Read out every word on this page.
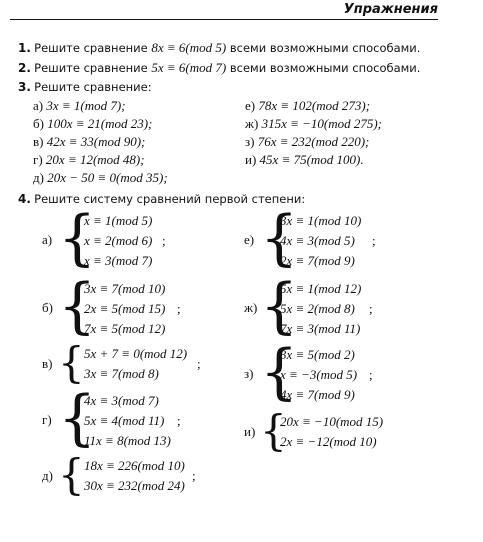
Упражнения
1. Решите сравнение 8x ≡ 6(mod 5) всеми возможными способами.
2. Решите сравнение 5x ≡ 6(mod 7) всеми возможными способами.
3. Решите сравнение:
а) 3x ≡ 1(mod 7);
б) 100x ≡ 21(mod 23);
в) 42x ≡ 33(mod 90);
г) 20x ≡ 12(mod 48);
д) 20x − 50 ≡ 0(mod 35);
е) 78x ≡ 102(mod 273);
ж) 315x ≡ −10(mod 275);
з) 76x ≡ 232(mod 220);
и) 45x ≡ 75(mod 100).
4. Решите систему сравнений первой степени:
а) {
x ≡ 1(mod 5)
x ≡ 2(mod 6)
x ≡ 3(mod 7)
;
б) {
3x ≡ 7(mod 10)
2x ≡ 5(mod 15)
7x ≡ 5(mod 12)
;
в) { 5x + 7 ≡ 0(mod 12)
3x ≡ 7(mod 8)
;
г) {
4x ≡ 3(mod 7)
5x ≡ 4(mod 11)
11x ≡ 8(mod 13)
;
д) { 18x ≡ 226(mod 10)
30x ≡ 232(mod 24)
;
е) {
3x ≡ 1(mod 10)
4x ≡ 3(mod 5)
2x ≡ 7(mod 9)
;
ж) {
5x ≡ 1(mod 12)
5x ≡ 2(mod 8)
7x ≡ 3(mod 11)
;
з) {
3x ≡ 5(mod 2)
x ≡ −3(mod 5)
4x ≡ 7(mod 9)
;
и) {
20x ≡ −10(mod 15)
2x ≡ −12(mod 10)
